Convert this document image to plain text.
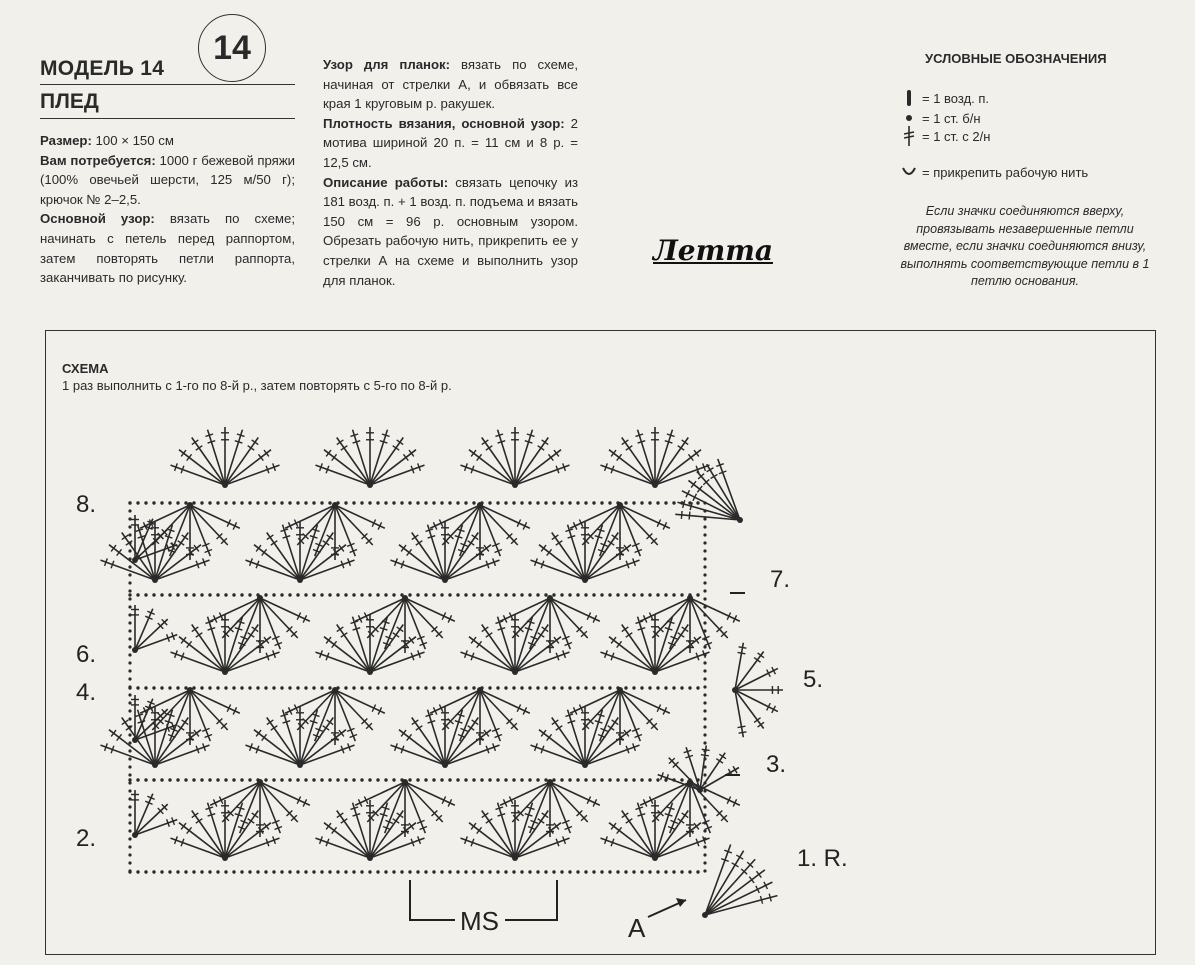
14
МОДЕЛЬ 14
ПЛЕД
Размер: 100 × 150 см
Вам потребуется: 1000 г бежевой пряжи (100% овечьей шерсти, 125 м/50 г); крючок № 2–2,5.
Основной узор: вязать по схеме; начинать с петель перед раппортом, затем повторять петли раппорта, заканчивать по рисунку.
Узор для планок: вязать по схеме, начиная от стрелки А, и обвязать все края 1 круговым р. ракушек.
Плотность вязания, основной узор: 2 мотива шириной 20 п. = 11 см и 8 р. = 12,5 см.
Описание работы: связать цепочку из 181 возд. п. + 1 возд. п. подъема и вязать 150 см = 96 р. основным узором. Обрезать рабочую нить, прикрепить ее у стрелки А на схеме и выполнить узор для планок.
Летта
УСЛОВНЫЕ ОБОЗНАЧЕНИЯ
= 1 возд. п.
= 1 ст. б/н
= 1 ст. с 2/н
= прикрепить рабочую нить
Если значки соединяются вверху, провязывать незавершенные петли вместе, если значки соединяются внизу, выполнять соответствующие петли в 1 петлю основания.
СХЕМА
1 раз выполнить с 1-го по 8-й р., затем повторять с 5-го по 8-й р.
8.
6.
4.
2.
7.
5.
3.
1. R.
MS	A
